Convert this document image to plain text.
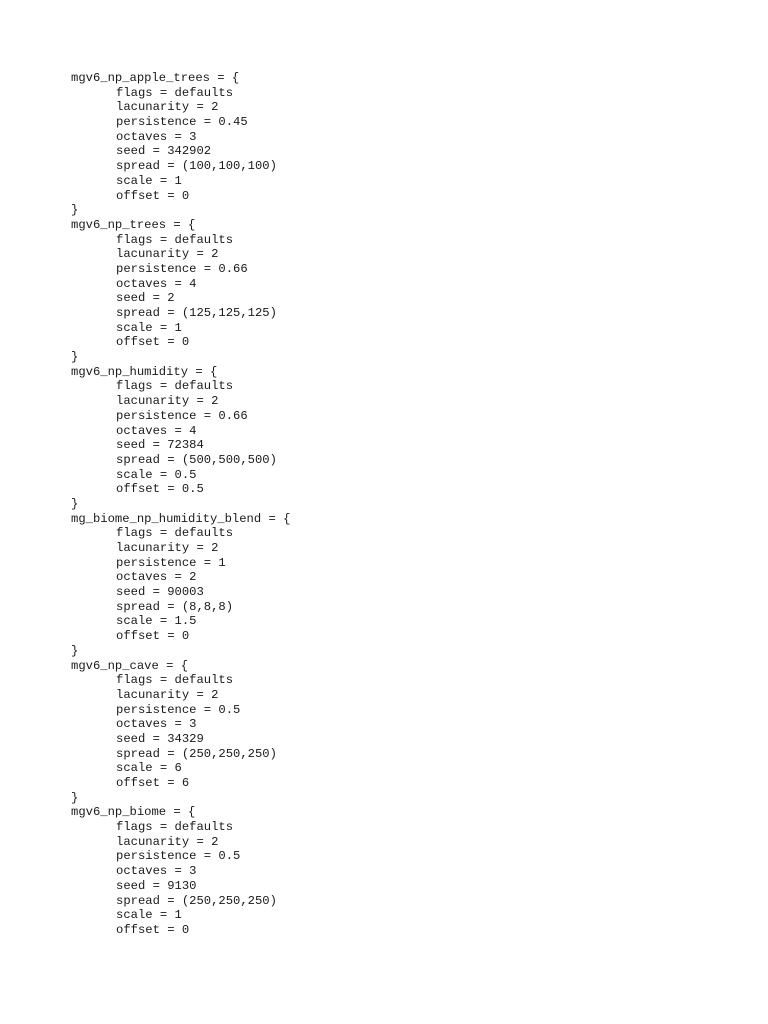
mgv6_np_apple_trees = {
flags = defaults
lacunarity = 2
persistence = 0.45
octaves = 3
seed = 342902
spread = (100,100,100)
scale = 1
offset = 0
}
mgv6_np_trees = {
flags = defaults
lacunarity = 2
persistence = 0.66
octaves = 4
seed = 2
spread = (125,125,125)
scale = 1
offset = 0
}
mgv6_np_humidity = {
flags = defaults
lacunarity = 2
persistence = 0.66
octaves = 4
seed = 72384
spread = (500,500,500)
scale = 0.5
offset = 0.5
}
mg_biome_np_humidity_blend = {
flags = defaults
lacunarity = 2
persistence = 1
octaves = 2
seed = 90003
spread = (8,8,8)
scale = 1.5
offset = 0
}
mgv6_np_cave = {
flags = defaults
lacunarity = 2
persistence = 0.5
octaves = 3
seed = 34329
spread = (250,250,250)
scale = 6
offset = 6
}
mgv6_np_biome = {
flags = defaults
lacunarity = 2
persistence = 0.5
octaves = 3
seed = 9130
spread = (250,250,250)
scale = 1
offset = 0
